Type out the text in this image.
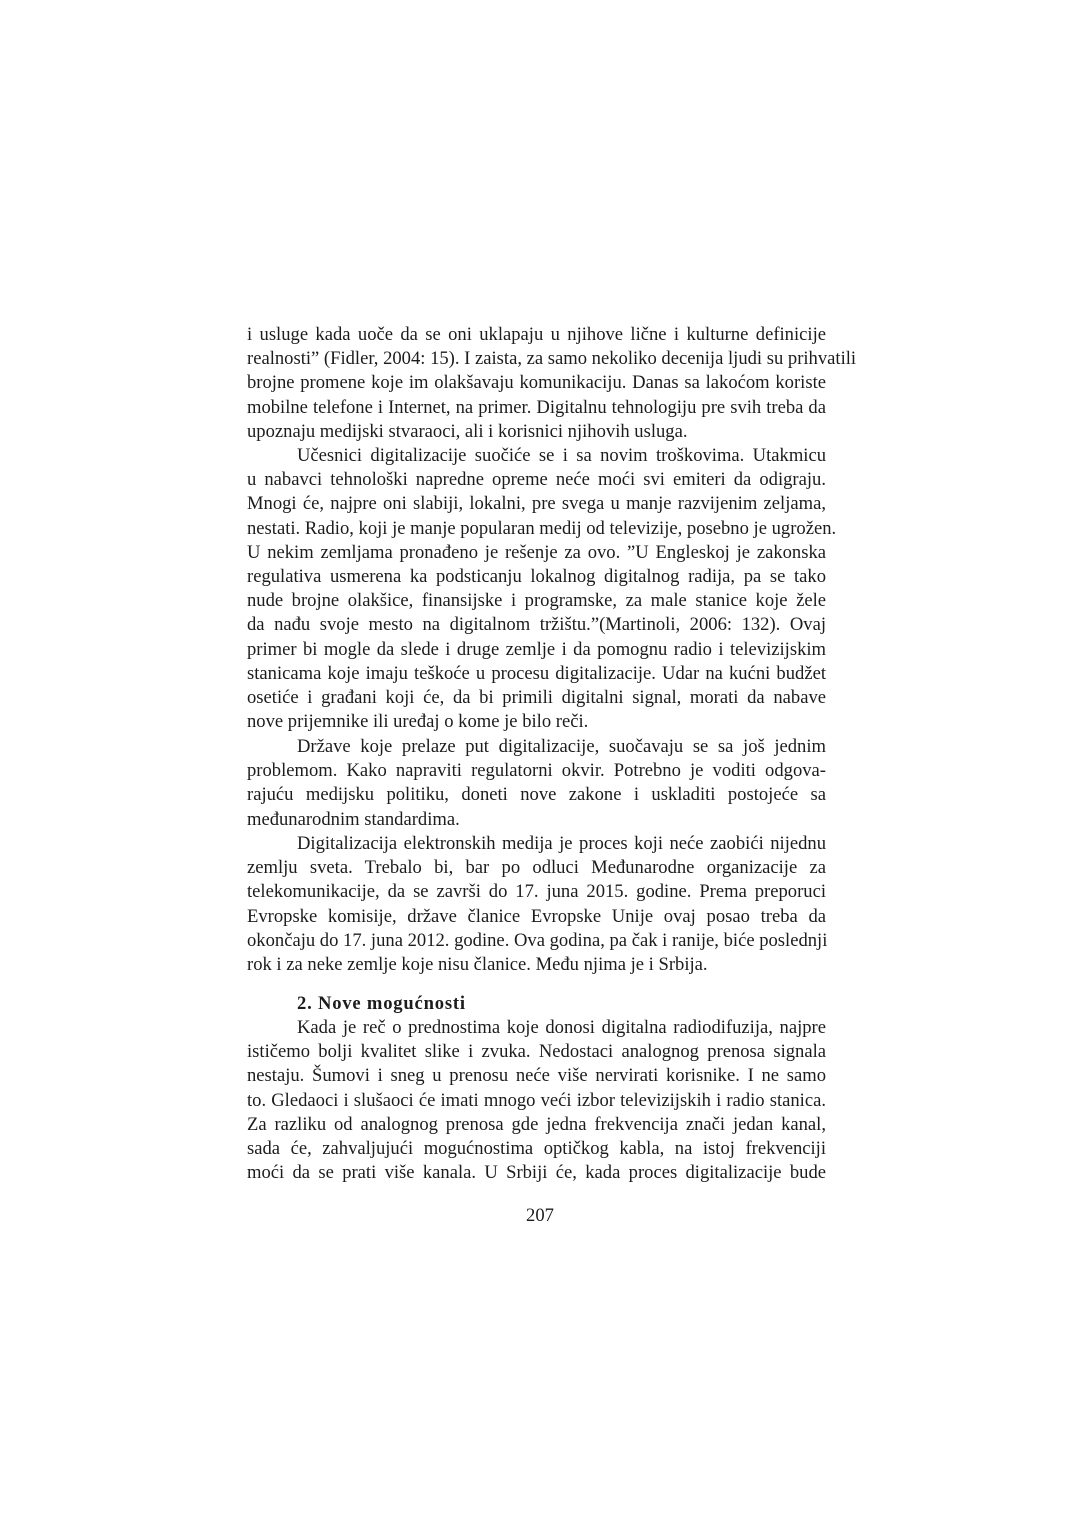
i usluge kada uoče da se oni uklapaju u njihove lične i kulturne definicije
realnosti” (Fidler, 2004: 15). I zaista, za samo nekoliko decenija ljudi su prihvatili
brojne promene koje im olakšavaju komunikaciju. Danas sa lakoćom koriste
mobilne telefone i Internet, na primer. Digitalnu tehnologiju pre svih treba da
upoznaju medijski stvaraoci, ali i korisnici njihovih usluga.
Učesnici digitalizacije suočiće se i sa novim troškovima. Utakmicu
u nabavci tehnološki napredne opreme neće moći svi emiteri da odigraju.
Mnogi će, najpre oni slabiji, lokalni, pre svega u manje razvijenim zeljama,
nestati. Radio, koji je manje popularan medij od televizije, posebno je ugrožen.
U nekim zemljama pronađeno je rešenje za ovo. ”U Engleskoj je zakonska
regulativa usmerena ka podsticanju lokalnog digitalnog radija, pa se tako
nude brojne olakšice, finansijske i programske, za male stanice koje žele
da nađu svoje mesto na digitalnom tržištu.”(Martinoli, 2006: 132). Ovaj
primer bi mogle da slede i druge zemlje i da pomognu radio i televizijskim
stanicama koje imaju teškoće u procesu digitalizacije. Udar na kućni budžet
osetiće i građani koji će, da bi primili digitalni signal, morati da nabave
nove prijemnike ili uređaj o kome je bilo reči.
Države koje prelaze put digitalizacije, suočavaju se sa još jednim
problemom. Kako napraviti regulatorni okvir. Potrebno je voditi odgova-
rajuću medijsku politiku, doneti nove zakone i uskladiti postojeće sa
međunarodnim standardima.
Digitalizacija elektronskih medija je proces koji neće zaobići nijednu
zemlju sveta. Trebalo bi, bar po odluci Međunarodne organizacije za
telekomunikacije, da se završi do 17. juna 2015. godine. Prema preporuci
Evropske komisije, države članice Evropske Unije ovaj posao treba da
okončaju do 17. juna 2012. godine. Ova godina, pa čak i ranije, biće poslednji
rok i za neke zemlje koje nisu članice. Među njima je i Srbija.
2. Nove mogućnosti
Kada je reč o prednostima koje donosi digitalna radiodifuzija, najpre
ističemo bolji kvalitet slike i zvuka. Nedostaci analognog prenosa signala
nestaju. Šumovi i sneg u prenosu neće više nervirati korisnike. I ne samo
to. Gledaoci i slušaoci će imati mnogo veći izbor televizijskih i radio stanica.
Za razliku od analognog prenosa gde jedna frekvencija znači jedan kanal,
sada će, zahvaljujući mogućnostima optičkog kabla, na istoj frekvenciji
moći da se prati više kanala. U Srbiji će, kada proces digitalizacije bude
207
